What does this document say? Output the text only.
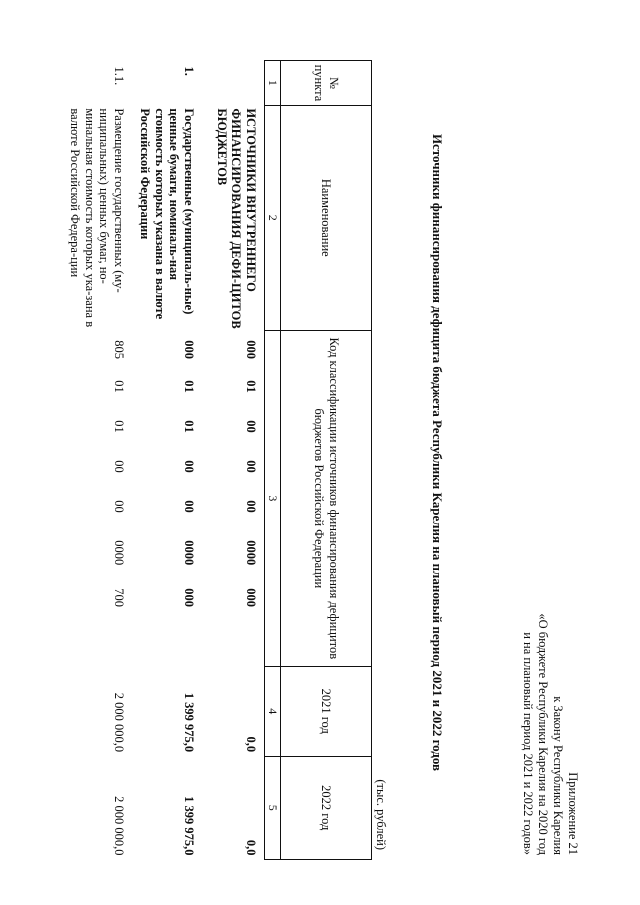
Приложение 21
к Закону Республики Карелия
«О бюджете Республики Карелия на 2020 год
и на плановый период 2021 и 2022 годов»
Источники финансирования дефицита бюджета Республики Карелия на плановый период 2021 и 2022 годов
(тыс. рублей)
№ пункта	Наименование	Код классификации источников финансирования дефицитов бюджетов Российской Федерации	2021 год	2022 год
1	2	3	4	5
	ИСТОЧНИКИ ВНУТРЕННЕГО ФИНАНСИРОВАНИЯ ДЕФИ-ЦИТОВ БЮДЖЕТОВ	000010000000000000	0,0	0,0
1.	Государственные (муниципаль-ные) ценные бумаги, номиналь-ная стоимость которых указана в валюте Российской Федерации	000010100000000000	1 399 975,0	1 399 975,0
1.1.	Размещение государственных (му-ниципальных) ценных бумаг, но-минальная стоимость которых ука-зана в валюте Российской Федера-ции	805010100000000700	2 000 000,0	2 000 000,0
